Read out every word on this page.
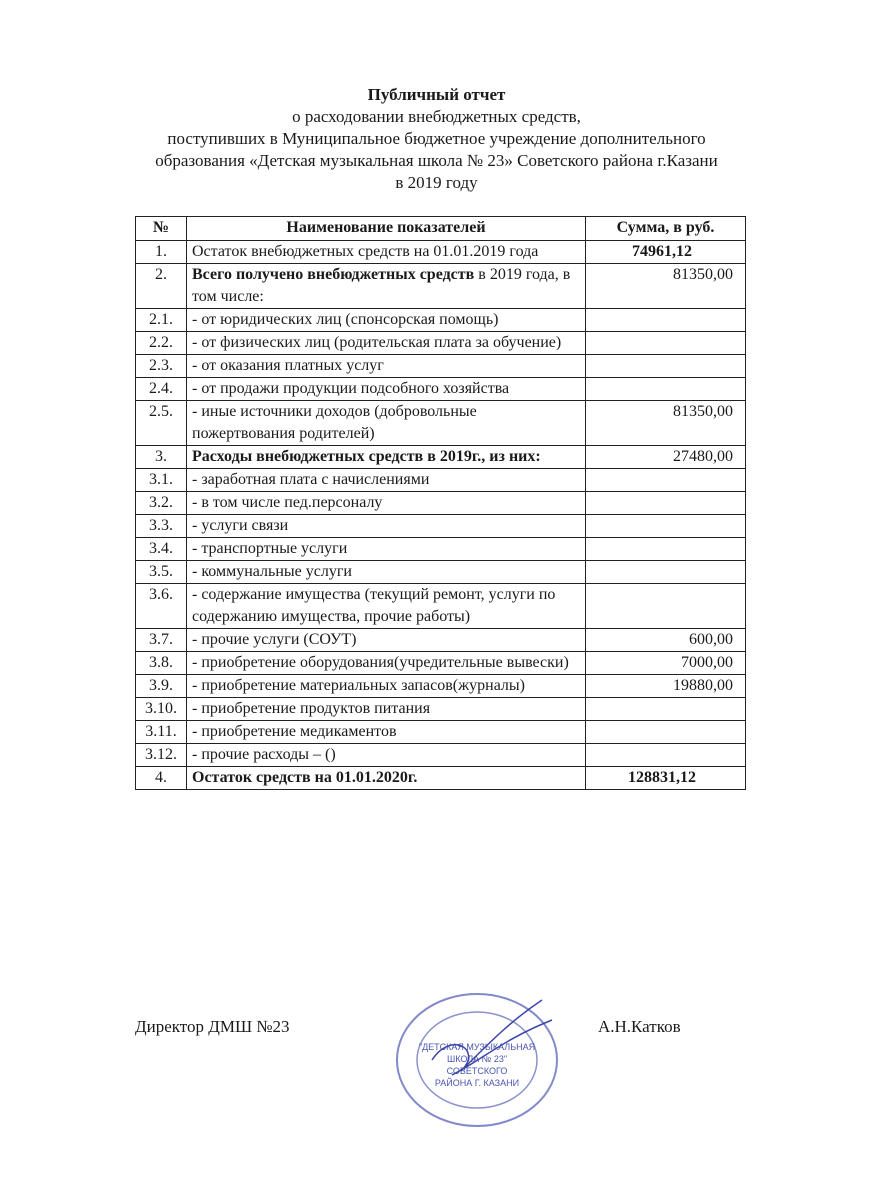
Публичный отчет
о расходовании внебюджетных средств,
поступивших в Муниципальное бюджетное учреждение дополнительного
образования «Детская музыкальная школа № 23» Советского района г.Казани
в 2019 году
№	Наименование показателей	Сумма, в руб.
1.	Остаток внебюджетных средств на 01.01.2019 года	74961,12
2.	Всего получено внебюджетных средств в 2019 года, в том числе:	81350,00
2.1.	- от юридических лиц (спонсорская помощь)	
2.2.	- от физических лиц (родительская плата за обучение)	
2.3.	- от оказания платных услуг	
2.4.	- от продажи продукции подсобного хозяйства	
2.5.	- иные источники доходов (добровольные пожертвования родителей)	81350,00
3.	Расходы внебюджетных средств в 2019г., из них:	27480,00
3.1.	- заработная плата с начислениями	
3.2.	- в том числе пед.персоналу	
3.3.	- услуги связи	
3.4.	- транспортные услуги	
3.5.	- коммунальные услуги	
3.6.	- содержание имущества (текущий ремонт, услуги по содержанию имущества, прочие работы)	
3.7.	- прочие услуги (СОУТ)	600,00
3.8.	- приобретение оборудования(учредительные вывески)	7000,00
3.9.	- приобретение материальных запасов(журналы)	19880,00
3.10.	- приобретение продуктов питания	
3.11.	- приобретение медикаментов	
3.12.	- прочие расходы – ()	
4.	Остаток средств на 01.01.2020г.	128831,12
Директор ДМШ №23	А.Н.Катков
"ДЕТСКАЯ МУЗЫКАЛЬНАЯ
ШКОЛА № 23"
СОВЕТСКОГО
РАЙОНА Г. КАЗАНИ
